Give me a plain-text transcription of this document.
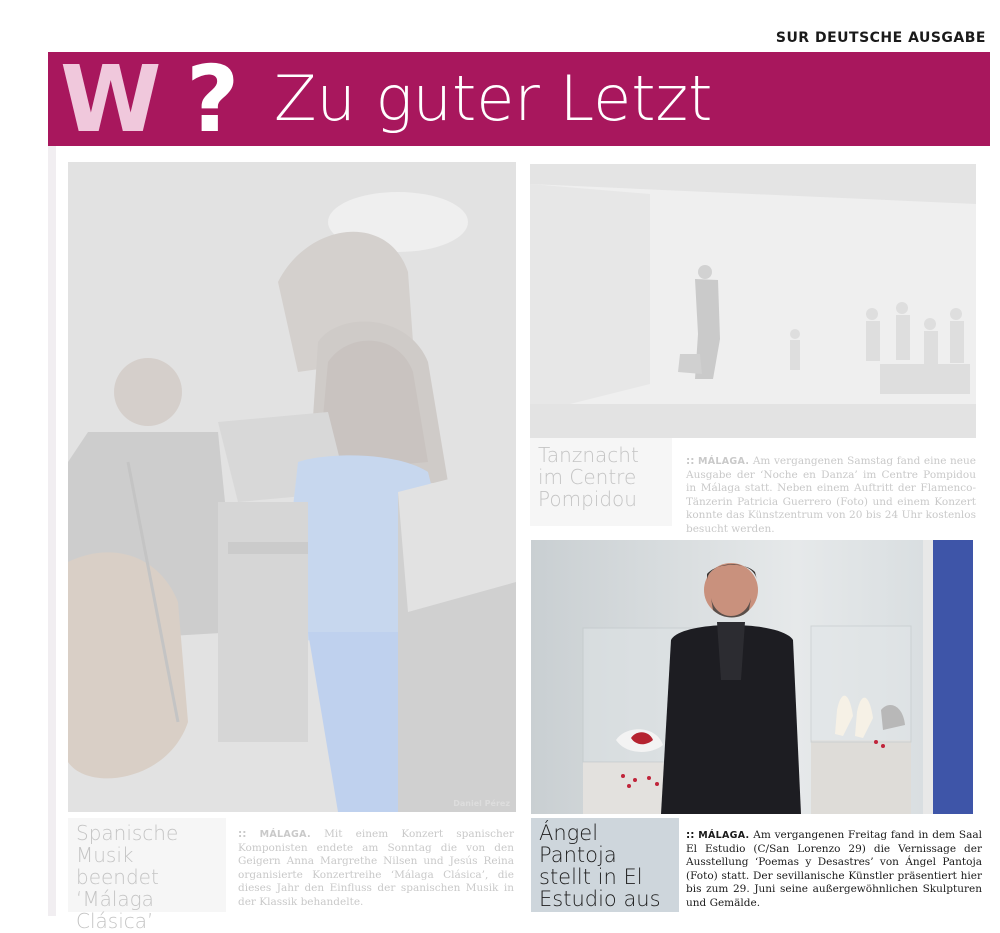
SUR DEUTSCHE AUSGABE
W ? Zu guter Letzt
Daniel Pérez
Spanische Musik beendet ‘Málaga Clásica’
Tanznacht im Centre Pompidou
Ángel Pantoja stellt in El Estudio aus

:: MÁLAGA. Mit einem Konzert spanischer Komponisten endete am Sonntag die von den Geigern Anna Margrethe Nilsen und Jesús Reina organisierte Konzertreihe ‘Málaga Clásica’, die dieses Jahr den Einfluss der spanischen Musik in der Klassik behandelte.

:: MÁLAGA. Am vergangenen Samstag fand eine neue Ausgabe der ‘Noche en Danza’ im Centre Pompidou in Málaga statt. Neben einem Auftritt der Flamenco-Tänzerin Patricia Guerrero (Foto) und einem Konzert konnte das Künstzentrum von 20 bis 24 Uhr kostenlos besucht werden.

:: MÁLAGA. Am vergangenen Freitag fand in dem Saal El Estudio (C/San Lorenzo 29) die Vernissage der Ausstellung ‘Poemas y Desastres’ von Ángel Pantoja (Foto) statt. Der sevillanische Künstler präsentiert hier bis zum 29. Juni seine außergewöhnlichen Skulpturen und Gemälde.
